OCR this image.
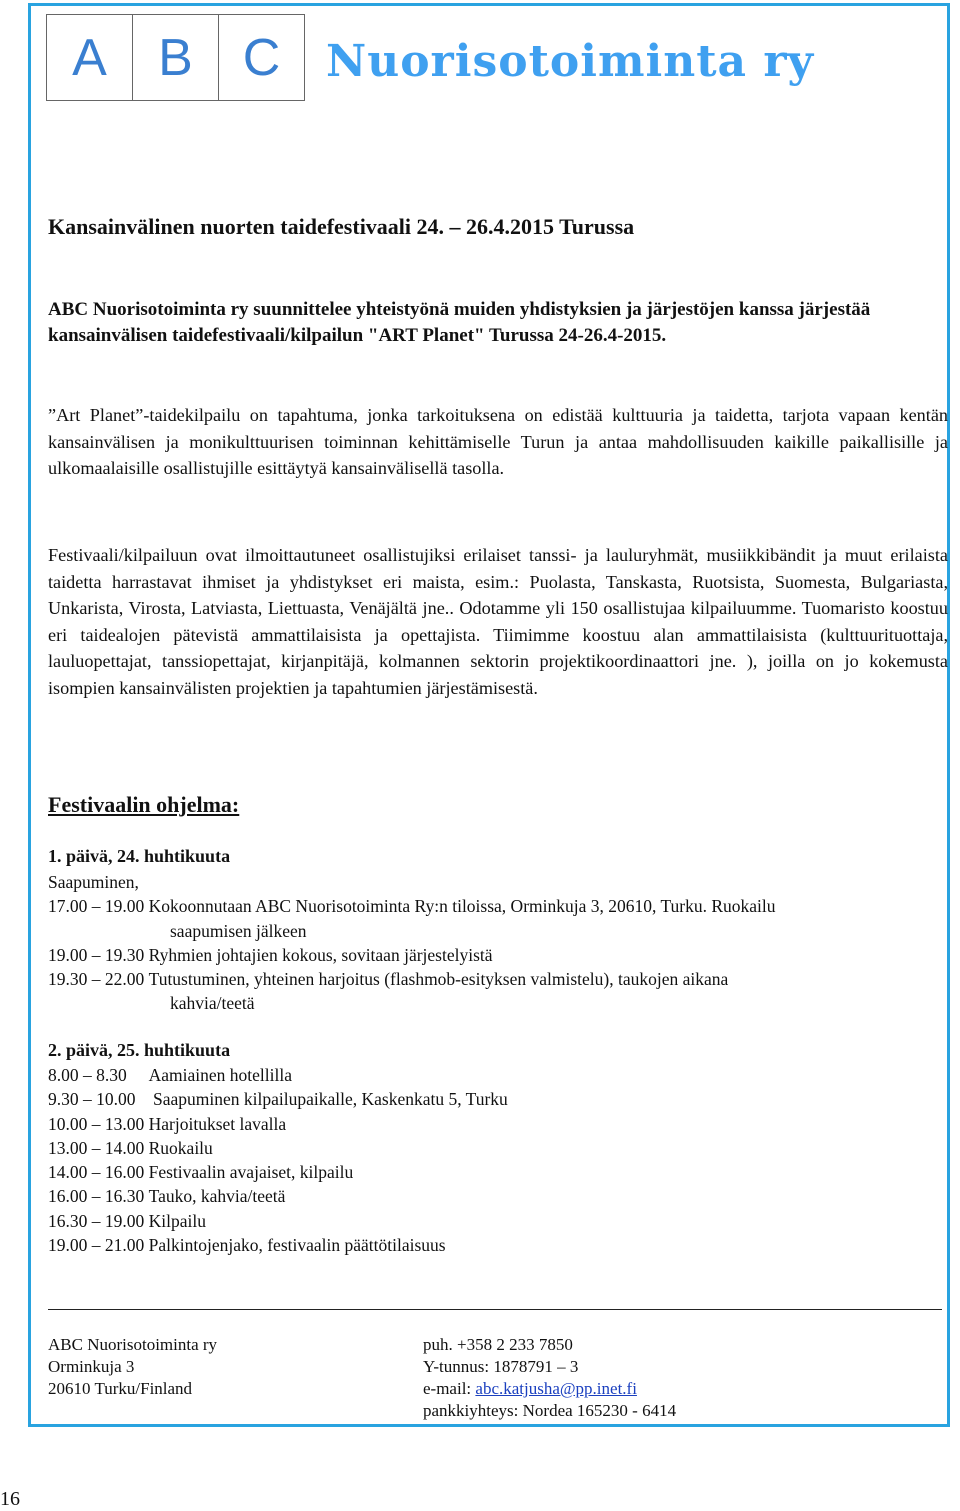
A B C	Nuorisotoiminta ry
Kansainvälinen nuorten taidefestivaali 24. – 26.4.2015 Turussa
ABC Nuorisotoiminta ry suunnittelee yhteistyönä muiden yhdistyksien ja järjestöjen kanssa järjestää kansainvälisen taidefestivaali/kilpailun "ART Planet" Turussa 24-26.4-2015.
”Art Planet”-taidekilpailu on tapahtuma, jonka tarkoituksena on edistää kulttuuria ja taidetta, tarjota vapaan kentän kansainvälisen ja monikulttuurisen toiminnan kehittämiselle Turun ja antaa mahdollisuuden kaikille paikallisille ja ulkomaalaisille osallistujille esittäytyä kansainvälisellä tasolla.
Festivaali/kilpailuun ovat ilmoittautuneet osallistujiksi erilaiset tanssi- ja lauluryhmät, musiikkibändit ja muut erilaista taidetta harrastavat ihmiset ja yhdistykset eri maista, esim.: Puolasta, Tanskasta, Ruotsista, Suomesta, Bulgariasta, Unkarista, Virosta, Latviasta, Liettuasta, Venäjältä jne.. Odotamme yli 150 osallistujaa kilpailuumme. Tuomaristo koostuu eri taidealojen pätevistä ammattilaisista ja opettajista. Tiimimme koostuu alan ammattilaisista (kulttuurituottaja, lauluopettajat, tanssiopettajat, kirjanpitäjä, kolmannen sektorin projektikoordinaattori jne. ), joilla on jo kokemusta isompien kansainvälisten projektien ja tapahtumien järjestämisestä.
Festivaalin ohjelma:
1. päivä, 24. huhtikuuta
Saapuminen,
17.00 – 19.00 Kokoonnutaan ABC Nuorisotoiminta Ry:n tiloissa, Orminkuja 3, 20610, Turku. Ruokailu
saapumisen jälkeen
19.00 – 19.30 Ryhmien johtajien kokous, sovitaan järjestelyistä
19.30 – 22.00 Tutustuminen, yhteinen harjoitus (flashmob-esityksen valmistelu), taukojen aikana
kahvia/teetä
2. päivä, 25. huhtikuuta
8.00 – 8.30 Aamiainen hotellilla
9.30 – 10.00 Saapuminen kilpailupaikalle, Kaskenkatu 5, Turku
10.00 – 13.00 Harjoitukset lavalla
13.00 – 14.00 Ruokailu
14.00 – 16.00 Festivaalin avajaiset, kilpailu
16.00 – 16.30 Tauko, kahvia/teetä
16.30 – 19.00 Kilpailu
19.00 – 21.00 Palkintojenjako, festivaalin päättötilaisuus
ABC Nuorisotoiminta ry
Orminkuja 3
20610 Turku/Finland
puh. +358 2 233 7850
Y-tunnus: 1878791 – 3
e-mail: abc.katjusha@pp.inet.fi
pankkiyhteys: Nordea 165230 - 6414
16
